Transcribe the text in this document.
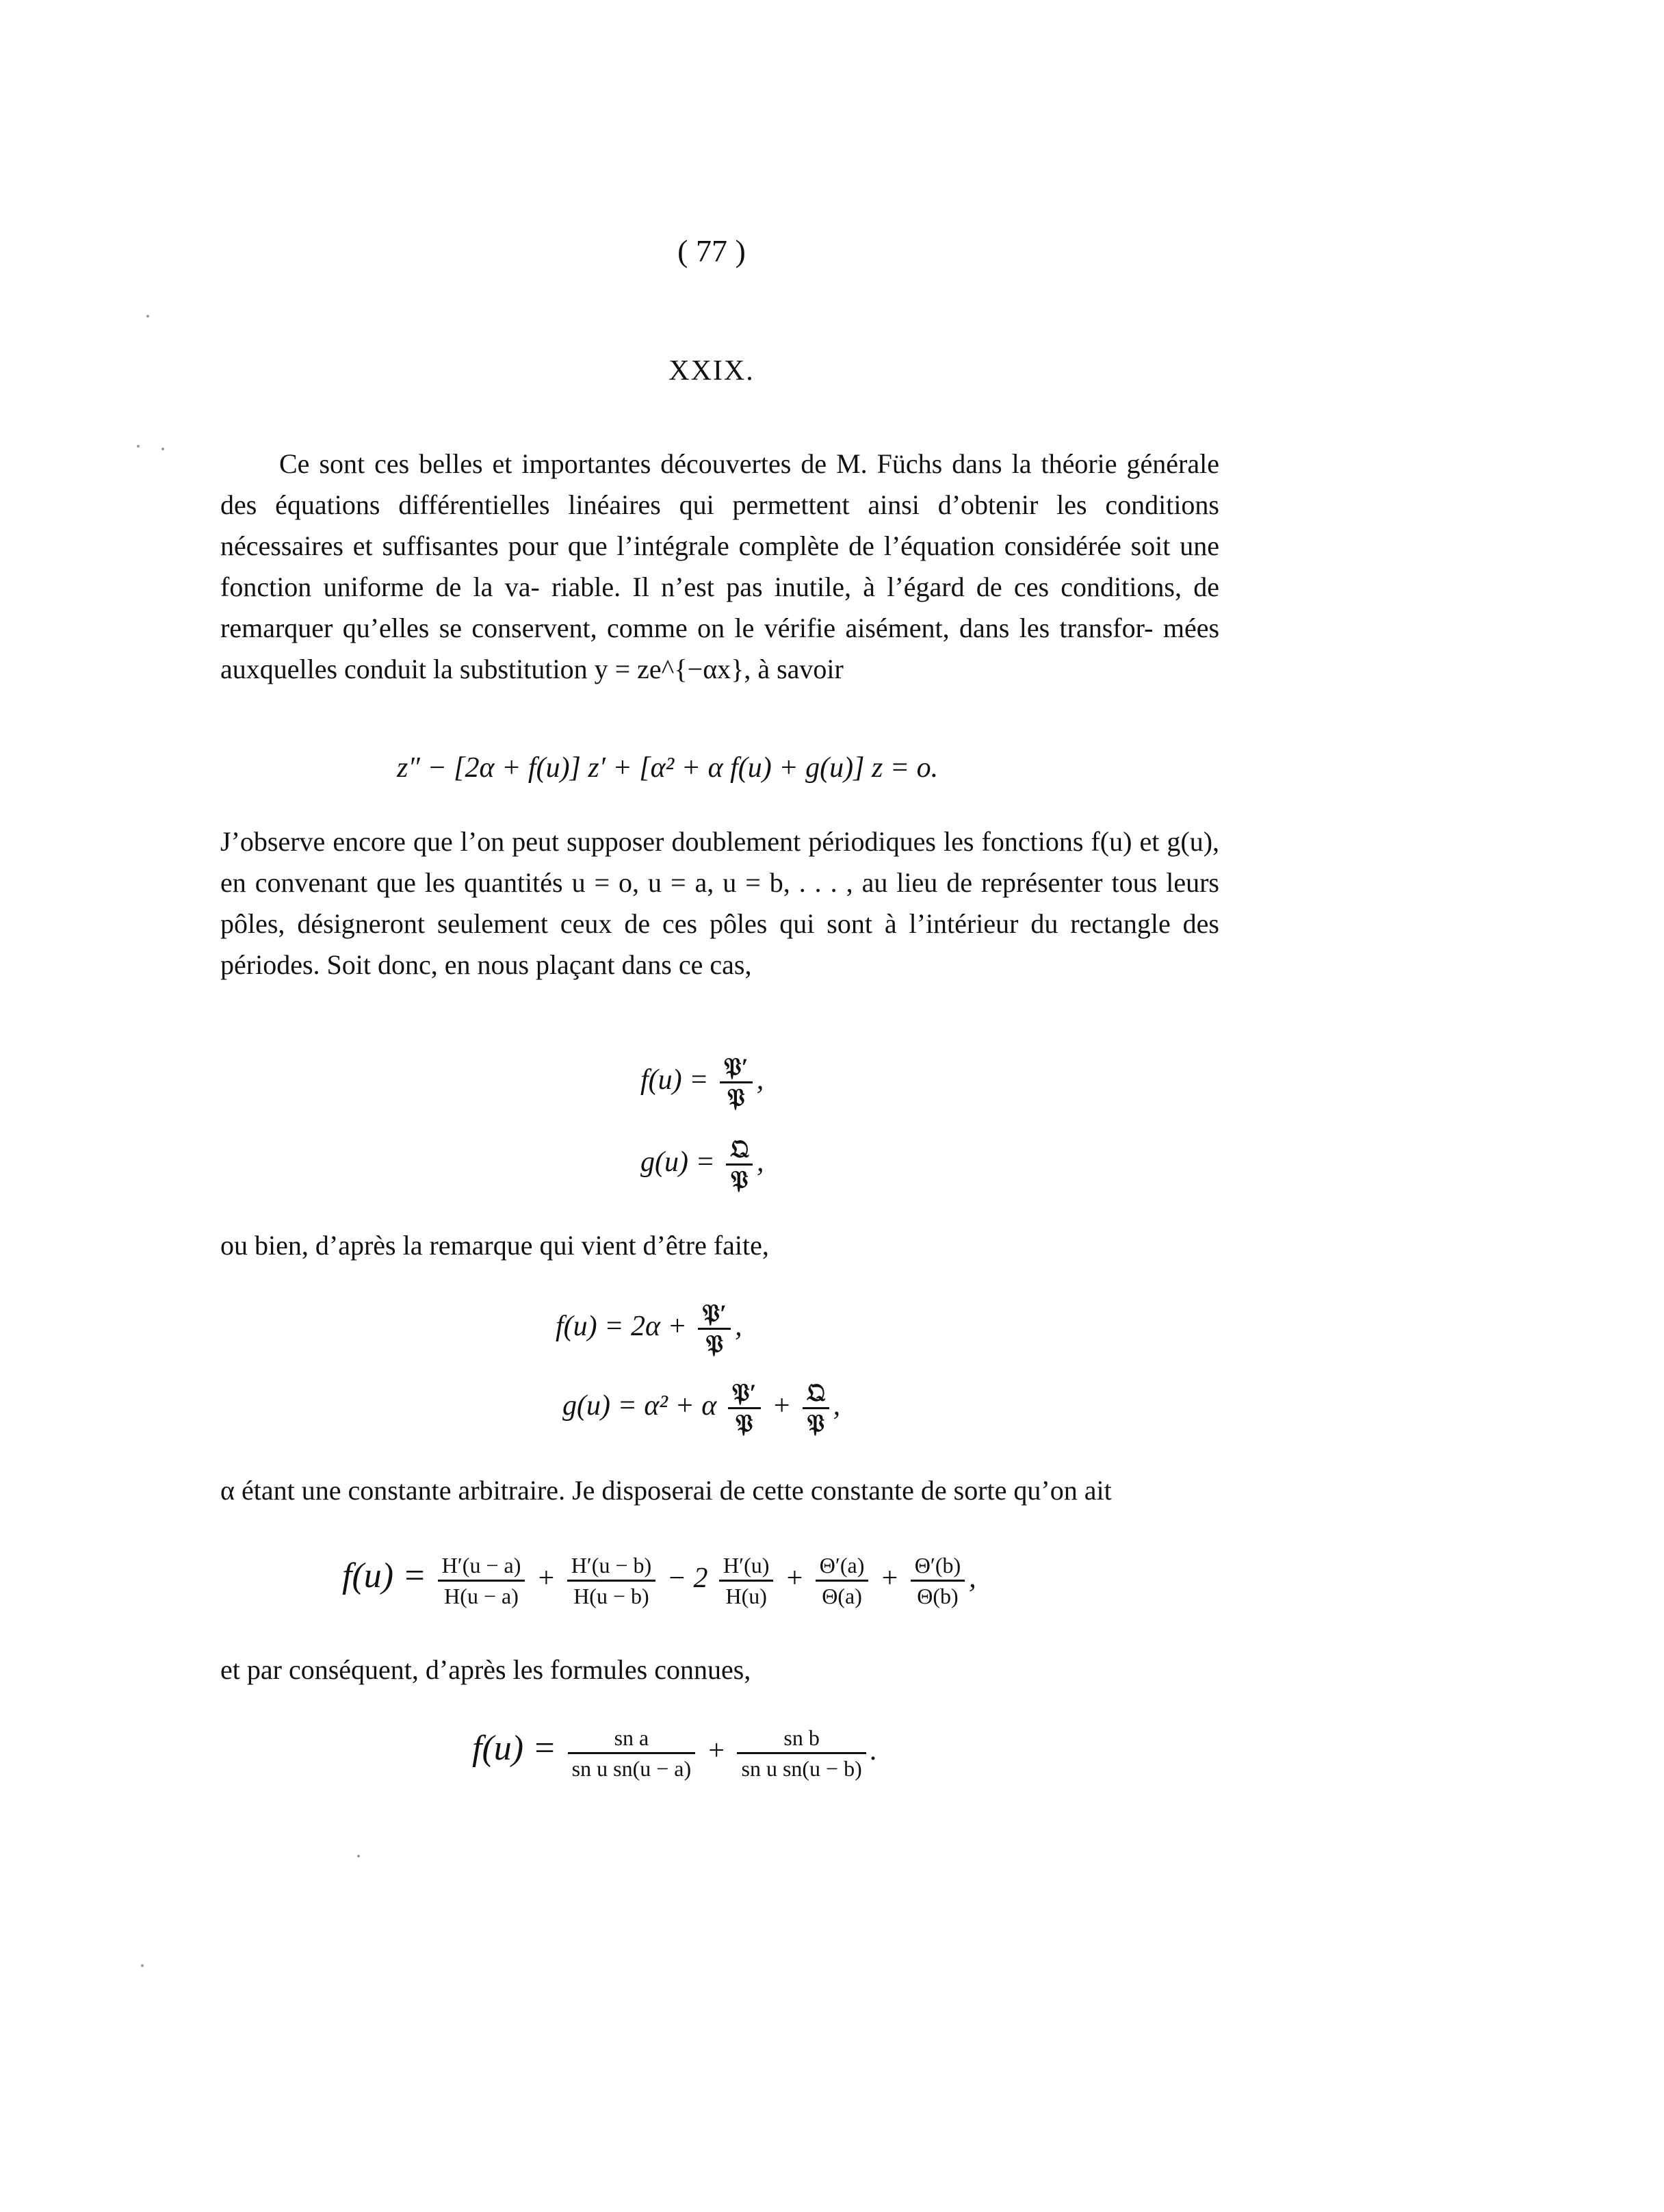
( 77 )
XXIX.
Ce sont ces belles et importantes découvertes de M. Füchs dans la théorie générale des équations différentielles linéaires qui permettent ainsi d’obtenir les conditions nécessaires et suffisantes pour que l’intégrale complète de l’équation considérée soit une fonction uniforme de la va- riable. Il n’est pas inutile, à l’égard de ces conditions, de remarquer qu’elles se conservent, comme on le vérifie aisément, dans les transfor- mées auxquelles conduit la substitution y = ze^{−αx}, à savoir
z″ − [2α + f(u)] z′ + [α² + α f(u) + g(u)] z = o.
J’observe encore que l’on peut supposer doublement périodiques les fonctions f(u) et g(u), en convenant que les quantités u = o, u = a, u = b, . . . , au lieu de représenter tous leurs pôles, désigneront seulement ceux de ces pôles qui sont à l’intérieur du rectangle des périodes. Soit donc, en nous plaçant dans ce cas,
$f(u) = \frac{\text{𝔓′}}{\text{𝔓}}$ ,
$g(u) = \frac{\text{𝔔}}{\text{𝔓}}$ ,
ou bien, d’après la remarque qui vient d’être faite,
$f(u) = 2\alpha + \frac{\text{𝔓′}}{\text{𝔓}}$ ,
g(u) = α² + α $\frac{\text{𝔓′}}{\text{𝔓}} + \frac{\text{𝔔}}{\text{𝔓}}$ ,
α étant une constante arbitraire. Je disposerai de cette constante de sorte qu’on ait
$f(u) = \frac{H'(u - a)}{H(u - a)} + \frac{H'(u - b)}{H(u - b)} - 2 \frac{H'(u)}{H(u)} + \frac{\Theta'(a)}{\Theta(a)} + \frac{\Theta'(b)}{\Theta(b)}$ ,
et par conséquent, d’après les formules connues,
$f(u) = \frac{\text{sn a}}{\text{sn u sn(u − a)}} + \frac{\text{sn b}}{\text{sn u sn(u − b)}}$ .
